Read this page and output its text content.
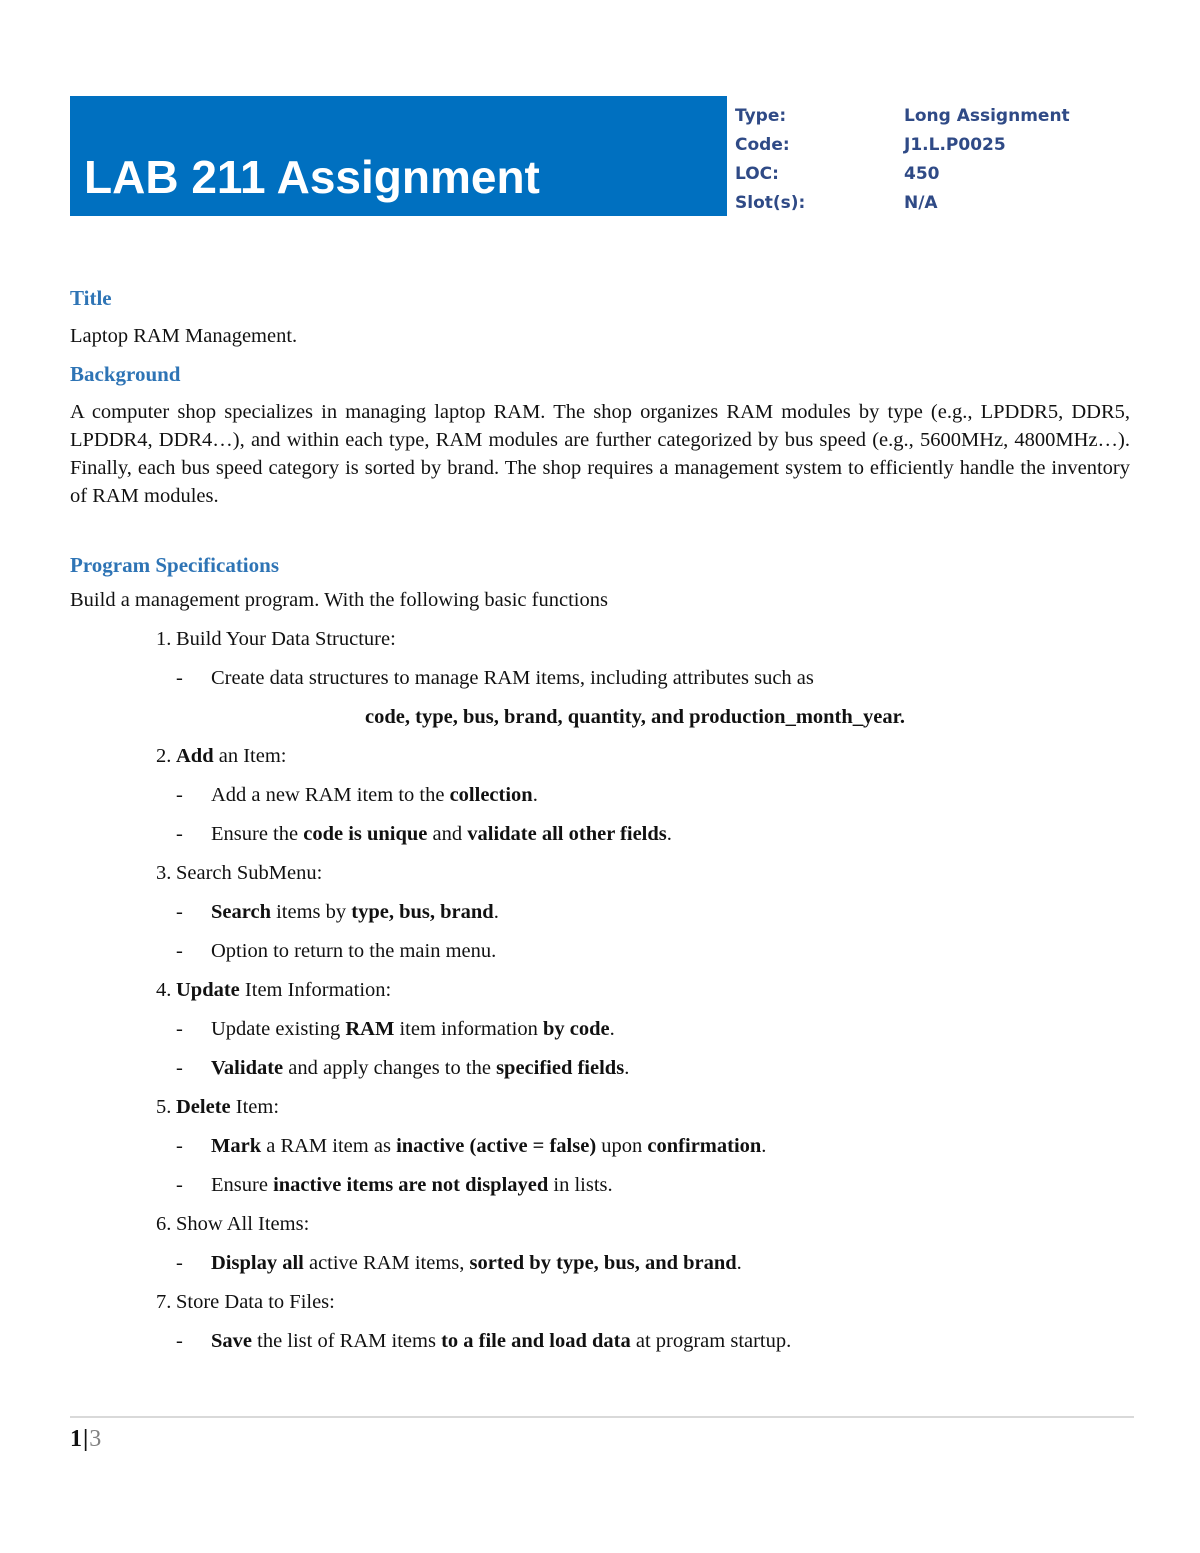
LAB 211 Assignment
Type:	Long Assignment
Code:	J1.L.P0025
LOC:	450
Slot(s):	N/A
Title

Laptop RAM Management.

Background

A computer shop specializes in managing laptop RAM. The shop organizes RAM modules by type (e.g., LPDDR5, DDR5, LPDDR4, DDR4…), and within each type, RAM modules are further categorized by bus speed (e.g., 5600MHz, 4800MHz…). Finally, each bus speed category is sorted by brand. The shop requires a management system to efficiently handle the inventory of RAM modules.

Program Specifications

Build a management program. With the following basic functions

1. Build Your Data Structure:
-	Create data structures to manage RAM items, including attributes such as
code, type, bus, brand, quantity, and production_month_year.
2. Add an Item:
-	Add a new RAM item to the collection.
-	Ensure the code is unique and validate all other fields.
3. Search SubMenu:
-	Search items by type, bus, brand.
-	Option to return to the main menu.
4. Update Item Information:
-	Update existing RAM item information by code.
-	Validate and apply changes to the specified fields.
5. Delete Item:
-	Mark a RAM item as inactive (active = false) upon confirmation.
-	Ensure inactive items are not displayed in lists.
6. Show All Items:
-	Display all active RAM items, sorted by type, bus, and brand.
7. Store Data to Files:
-	Save the list of RAM items to a file and load data at program startup.
1|3
